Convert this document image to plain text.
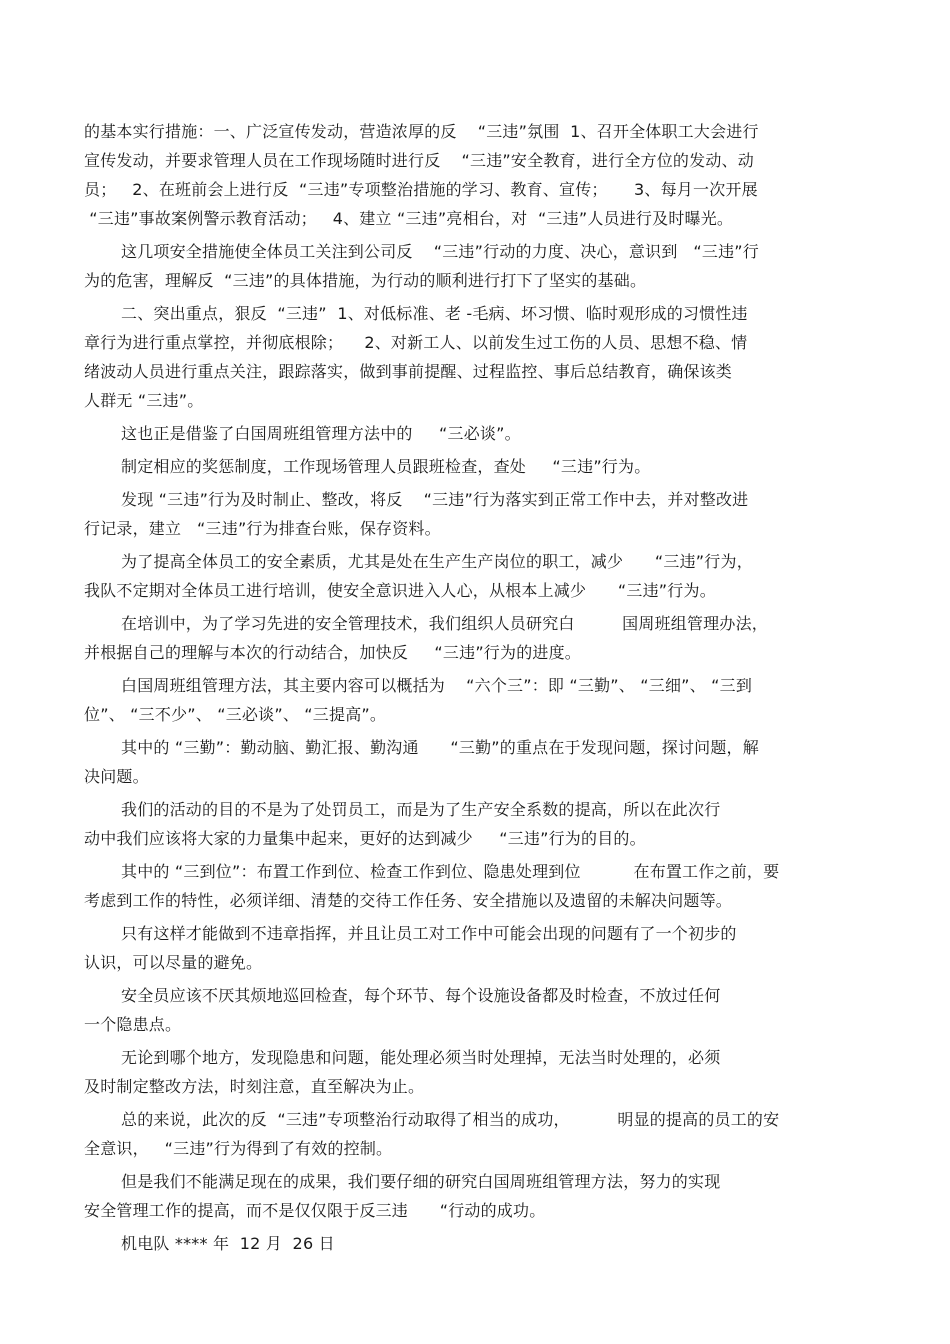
的基本实行措施：一、广泛宣传发动，营造浓厚的反    “三违”氛围  1、召开全体职工大会进行
宣传发动，并要求管理人员在工作现场随时进行反    “三违”安全教育，进行全方位的发动、动
员；   2、在班前会上进行反  “三违”专项整治措施的学习、教育、宣传；     3、每月一次开展
“三违”事故案例警示教育活动；   4、建立 “三违”亮相台，对  “三违”人员进行及时曝光。
这几项安全措施使全体员工关注到公司反    “三违”行动的力度、决心，意识到   “三违”行
为的危害，理解反  “三违”的具体措施，为行动的顺利进行打下了坚实的基础。
二、突出重点，狠反  “三违”  1、对低标准、老 -毛病、坏习惯、临时观形成的习惯性违
章行为进行重点掌控，并彻底根除；    2、对新工人、以前发生过工伤的人员、思想不稳、情
绪波动人员进行重点关注，跟踪落实，做到事前提醒、过程监控、事后总结教育，确保该类
人群无 “三违”。
这也正是借鉴了白国周班组管理方法中的     “三必谈”。
制定相应的奖惩制度，工作现场管理人员跟班检查，查处     “三违”行为。
发现 “三违”行为及时制止、整改，将反    “三违”行为落实到正常工作中去，并对整改进
行记录，建立   “三违”行为排查台账，保存资料。
为了提高全体员工的安全素质，尤其是处在生产生产岗位的职工，减少      “三违”行为，
我队不定期对全体员工进行培训，使安全意识进入人心，从根本上减少      “三违”行为。
在培训中，为了学习先进的安全管理技术，我们组织人员研究白         国周班组管理办法，
并根据自己的理解与本次的行动结合，加快反     “三违”行为的进度。
白国周班组管理方法，其主要内容可以概括为    “六个三”：即 “三勤”、 “三细”、 “三到
位”、 “三不少”、 “三必谈”、 “三提高”。
其中的 “三勤”：勤动脑、勤汇报、勤沟通      “三勤”的重点在于发现问题，探讨问题，解
决问题。
我们的活动的目的不是为了处罚员工，而是为了生产安全系数的提高，所以在此次行
动中我们应该将大家的力量集中起来，更好的达到减少     “三违”行为的目的。
其中的 “三到位”：布置工作到位、检查工作到位、隐患处理到位          在布置工作之前，要
考虑到工作的特性，必须详细、清楚的交待工作任务、安全措施以及遗留的未解决问题等。
只有这样才能做到不违章指挥，并且让员工对工作中可能会出现的问题有了一个初步的
认识，可以尽量的避免。
安全员应该不厌其烦地巡回检查，每个环节、每个设施设备都及时检查，不放过任何
一个隐患点。
无论到哪个地方，发现隐患和问题，能处理必须当时处理掉，无法当时处理的，必须
及时制定整改方法，时刻注意，直至解决为止。
总的来说，此次的反  “三违”专项整治行动取得了相当的成功，         明显的提高的员工的安
全意识，   “三违”行为得到了有效的控制。
但是我们不能满足现在的成果，我们要仔细的研究白国周班组管理方法，努力的实现
安全管理工作的提高，而不是仅仅限于反三违      “行动的成功。
机电队 **** 年  12 月  26 日
